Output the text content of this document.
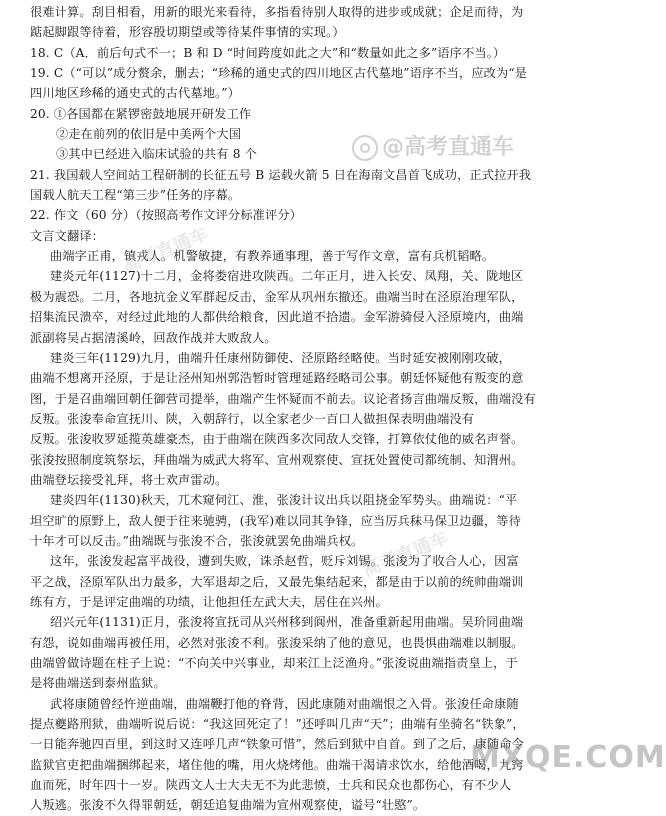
很难计算。刮目相看，用新的眼光来看待，多指看待别人取得的进步或成就；企足而待，为
踮起脚跟等待着，形容殷切期望或等待某件事情的实现。）
18. C（A．前后句式不一；B 和 D “时间跨度如此之大”和“数量如此之多”语序不当。）
19. C（“可以”成分赘余，删去；“珍稀的通史式的四川地区古代墓地”语序不当，应改为“是
四川地区珍稀的通史式的古代墓地。”）
20. ①各国都在紧锣密鼓地展开研发工作
②走在前列的依旧是中美两个大国
③其中已经进入临床试验的共有 8 个
21. 我国载人空间站工程研制的长征五号 B 运载火箭 5 日在海南文昌首飞成功，正式拉开我
国载人航天工程“第三步”任务的序幕。
22. 作文（60 分）（按照高考作文评分标准评分）
文言文翻译：
曲端字正甫，镇戎人。机警敏捷，有教养通事理，善于写作文章，富有兵机韬略。
建炎元年(1127)十二月，金将娄宿进攻陕西。二年正月，进入长安、凤翔，关、陇地区
极为震恐。二月，各地抗金义军群起反击，金军从巩州东撤还。曲端当时在泾原治理军队，
招集流民溃卒，对经过此地的人都供给粮食，因此道不拾遗。金军游骑侵入泾原境内，曲端
派副将吴占据清溪岭，回敌作战并大败敌人。
建炎三年(1129)九月，曲端升任康州防御使、泾原路经略使。当时延安被刚刚攻破，
曲端不想离开泾原，于是让泾州知州郭浩暂时管理延路经略司公事。朝廷怀疑他有叛变的意
图，于是召曲端回朝任御营司提举，曲端产生怀疑而不前去。议论者扬言曲端反叛，曲端没有
反叛。张浚奉命宣抚川、陕，入朝辞行，以全家老少一百口人做担保表明曲端没有
反叛。张浚收罗延揽英雄豪杰，由于曲端在陕西多次同敌人交锋，打算依仗他的威名声誉。
张浚按照制度筑祭坛，拜曲端为威武大将军、宣州观察使、宣抚处置使司都统制、知渭州。
曲端登坛接受礼拜，将士欢声雷动。
建炎四年(1130)秋天，兀术窥伺江、淮，张浚计议出兵以阻挠金军势头。曲端说：“平
坦空旷的原野上，敌人便于往来驰骋，(我军)难以同其争锋，应当厉兵秣马保卫边疆，等待
十年才可以反击。”曲端既与张浚不合，张浚就罢免曲端兵权。
这年，张浚发起富平战役，遭到失败，诛杀赵哲，贬斥刘锡。张浚为了收合人心，因富
平之战，泾原军队出力最多，大军退却之后，又最先集结起来，都是由于以前的统帅曲端训
练有方，于是评定曲端的功绩，让他担任左武大夫，居住在兴州。
绍兴元年(1131)正月，张浚将宣抚司从兴州移到阆州，准备重新起用曲端。吴玠同曲端
有怨，说如曲端再被任用，必然对张浚不利。张浚采纳了他的意见，也畏惧曲端难以制服。
曲端曾做诗题在柱子上说：“不向关中兴事业，却来江上泛渔舟。”张浚说曲端指责皇上，于
是将曲端送到泰州监狱。
武将康随曾经忤逆曲端，曲端鞭打他的脊背，因此康随对曲端恨之入骨。张浚任命康随
提点夔路刑狱，曲端听说后说：“我这回死定了！”还呼叫几声“天”；曲端有坐骑名“铁象”，
一日能奔驰四百里，到这时又连呼几声“铁象可惜”，然后到狱中自首。到了之后，康随命令
监狱官吏把曲端捆绑起来，堵住他的嘴，用火烧烤他。曲端干渴请求饮水，给他酒喝，九窍
血而死，时年四十一岁。陕西文人士大夫无不为此悲愤，士兵和民众也都伤心，有不少人
人叛逃。张浚不久得罪朝廷，朝廷追复曲端为宣州观察使，谥号“壮愍”。
@高考直通车
高考直通车
高考直通车
MXQE.COM
